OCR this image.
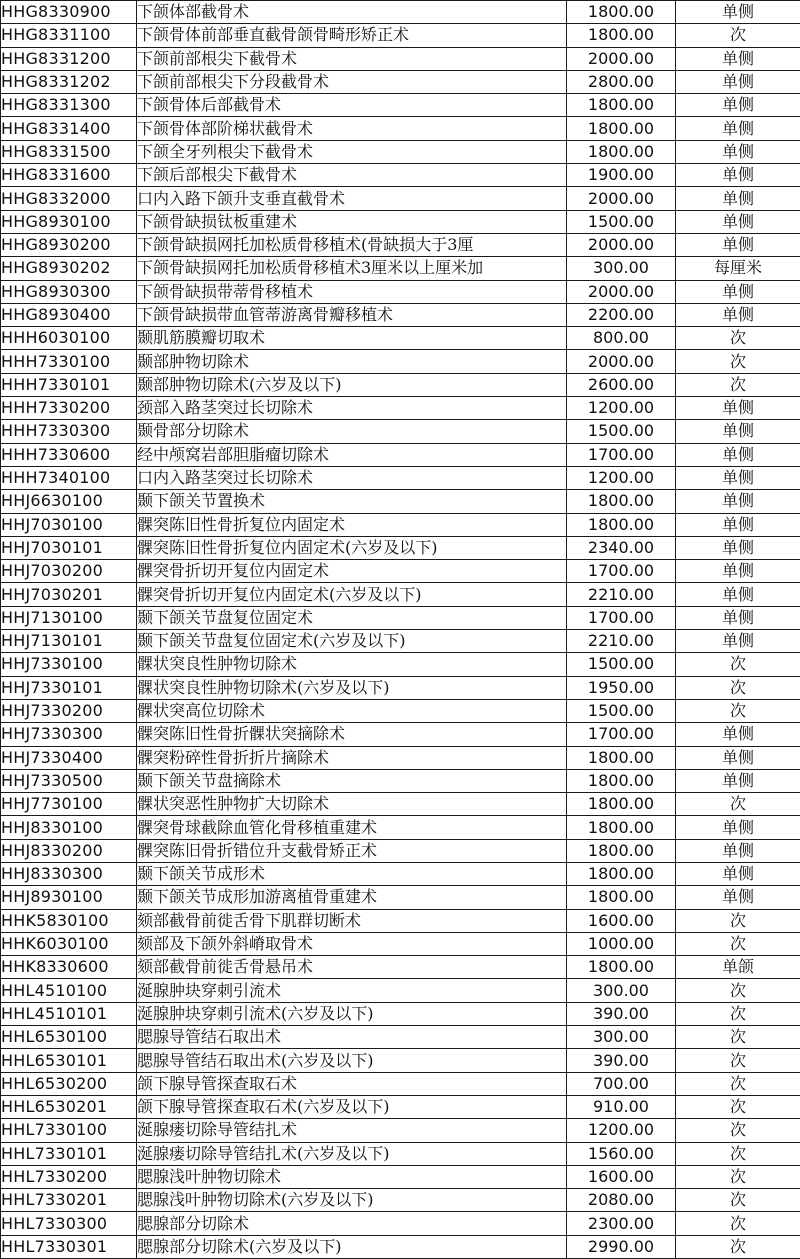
HHG8330900	下颌体部截骨术	1800.00	单侧
HHG8331100	下颌骨体前部垂直截骨颌骨畸形矫正术	1800.00	次
HHG8331200	下颌前部根尖下截骨术	2000.00	单侧
HHG8331202	下颌前部根尖下分段截骨术	2800.00	单侧
HHG8331300	下颌骨体后部截骨术	1800.00	单侧
HHG8331400	下颌骨体部阶梯状截骨术	1800.00	单侧
HHG8331500	下颌全牙列根尖下截骨术	1800.00	单侧
HHG8331600	下颌后部根尖下截骨术	1900.00	单侧
HHG8332000	口内入路下颌升支垂直截骨术	2000.00	单侧
HHG8930100	下颌骨缺损钛板重建术	1500.00	单侧
HHG8930200	下颌骨缺损网托加松质骨移植术(骨缺损大于3厘	2000.00	单侧
HHG8930202	下颌骨缺损网托加松质骨移植术3厘米以上厘米加	300.00	每厘米
HHG8930300	下颌骨缺损带蒂骨移植术	2000.00	单侧
HHG8930400	下颌骨缺损带血管蒂游离骨瓣移植术	2200.00	单侧
HHH6030100	颞肌筋膜瓣切取术	800.00	次
HHH7330100	颞部肿物切除术	2000.00	次
HHH7330101	颞部肿物切除术(六岁及以下)	2600.00	次
HHH7330200	颈部入路茎突过长切除术	1200.00	单侧
HHH7330300	颞骨部分切除术	1500.00	单侧
HHH7330600	经中颅窝岩部胆脂瘤切除术	1700.00	单侧
HHH7340100	口内入路茎突过长切除术	1200.00	单侧
HHJ6630100	颞下颌关节置换术	1800.00	单侧
HHJ7030100	髁突陈旧性骨折复位内固定术	1800.00	单侧
HHJ7030101	髁突陈旧性骨折复位内固定术(六岁及以下)	2340.00	单侧
HHJ7030200	髁突骨折切开复位内固定术	1700.00	单侧
HHJ7030201	髁突骨折切开复位内固定术(六岁及以下)	2210.00	单侧
HHJ7130100	颞下颌关节盘复位固定术	1700.00	单侧
HHJ7130101	颞下颌关节盘复位固定术(六岁及以下)	2210.00	单侧
HHJ7330100	髁状突良性肿物切除术	1500.00	次
HHJ7330101	髁状突良性肿物切除术(六岁及以下)	1950.00	次
HHJ7330200	髁状突高位切除术	1500.00	次
HHJ7330300	髁突陈旧性骨折髁状突摘除术	1700.00	单侧
HHJ7330400	髁突粉碎性骨折折片摘除术	1800.00	单侧
HHJ7330500	颞下颌关节盘摘除术	1800.00	单侧
HHJ7730100	髁状突恶性肿物扩大切除术	1800.00	次
HHJ8330100	髁突骨球截除血管化骨移植重建术	1800.00	单侧
HHJ8330200	髁突陈旧骨折错位升支截骨矫正术	1800.00	单侧
HHJ8330300	颞下颌关节成形术	1800.00	单侧
HHJ8930100	颞下颌关节成形加游离植骨重建术	1800.00	单侧
HHK5830100	颏部截骨前徙舌骨下肌群切断术	1600.00	次
HHK6030100	颏部及下颌外斜嵴取骨术	1000.00	次
HHK8330600	颏部截骨前徙舌骨悬吊术	1800.00	单颌
HHL4510100	涎腺肿块穿刺引流术	300.00	次
HHL4510101	涎腺肿块穿刺引流术(六岁及以下)	390.00	次
HHL6530100	腮腺导管结石取出术	300.00	次
HHL6530101	腮腺导管结石取出术(六岁及以下)	390.00	次
HHL6530200	颌下腺导管探查取石术	700.00	次
HHL6530201	颌下腺导管探查取石术(六岁及以下)	910.00	次
HHL7330100	涎腺瘘切除导管结扎术	1200.00	次
HHL7330101	涎腺瘘切除导管结扎术(六岁及以下)	1560.00	次
HHL7330200	腮腺浅叶肿物切除术	1600.00	次
HHL7330201	腮腺浅叶肿物切除术(六岁及以下)	2080.00	次
HHL7330300	腮腺部分切除术	2300.00	次
HHL7330301	腮腺部分切除术(六岁及以下)	2990.00	次
